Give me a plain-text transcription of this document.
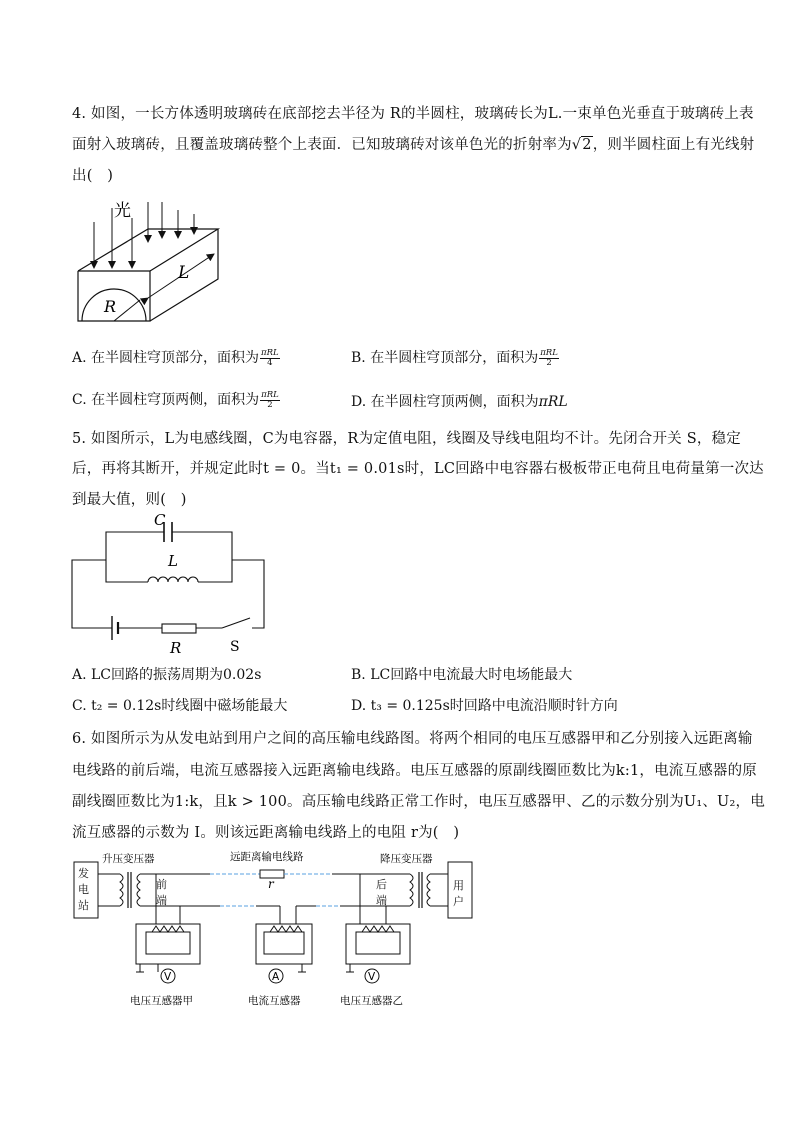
4. 如图，一长方体透明玻璃砖在底部挖去半径为 R的半圆柱，玻璃砖长为L.一束单色光垂直于玻璃砖上表
面射入玻璃砖，且覆盖玻璃砖整个上表面．已知玻璃砖对该单色光的折射率为√2，则半圆柱面上有光线射
出(　)
光
L
R
A. 在半圆柱穹顶部分，面积为 $\frac{\text{πRL}}{4}$	B. 在半圆柱穹顶部分，面积为 $\frac{\text{πRL}}{2}$
C. 在半圆柱穹顶两侧，面积为 $\frac{\text{πRL}}{2}$	D. 在半圆柱穹顶两侧，面积为πRL
5. 如图所示，L为电感线圈，C为电容器，R为定值电阻，线圈及导线电阻均不计。先闭合开关 S，稳定
后，再将其断开，并规定此时t = 0。当t₁ = 0.01s时，LC回路中电容器右极板带正电荷且电荷量第一次达
到最大值，则(　)
C
L
R	S
A. LC回路的振荡周期为0.02s	B. LC回路中电流最大时电场能最大
C. t₂ = 0.12s时线圈中磁场能最大	D. t₃ = 0.125s时回路中电流沿顺时针方向
6. 如图所示为从发电站到用户之间的高压输电线路图。将两个相同的电压互感器甲和乙分别接入远距离输
电线路的前后端，电流互感器接入远距离输电线路。电压互感器的原副线圈匝数比为k:1，电流互感器的原
副线圈匝数比为1:k，且k > 100。高压输电线路正常工作时，电压互感器甲、乙的示数分别为U₁、U₂，电
流互感器的示数为 I。则该远距离输电线路上的电阻 r为(　)
V	A	V
升压变压器	远距离输电线路
r
降压变压器
电压互感器甲	电流互感器	电压互感器乙
发电站
用户
前端
后端
